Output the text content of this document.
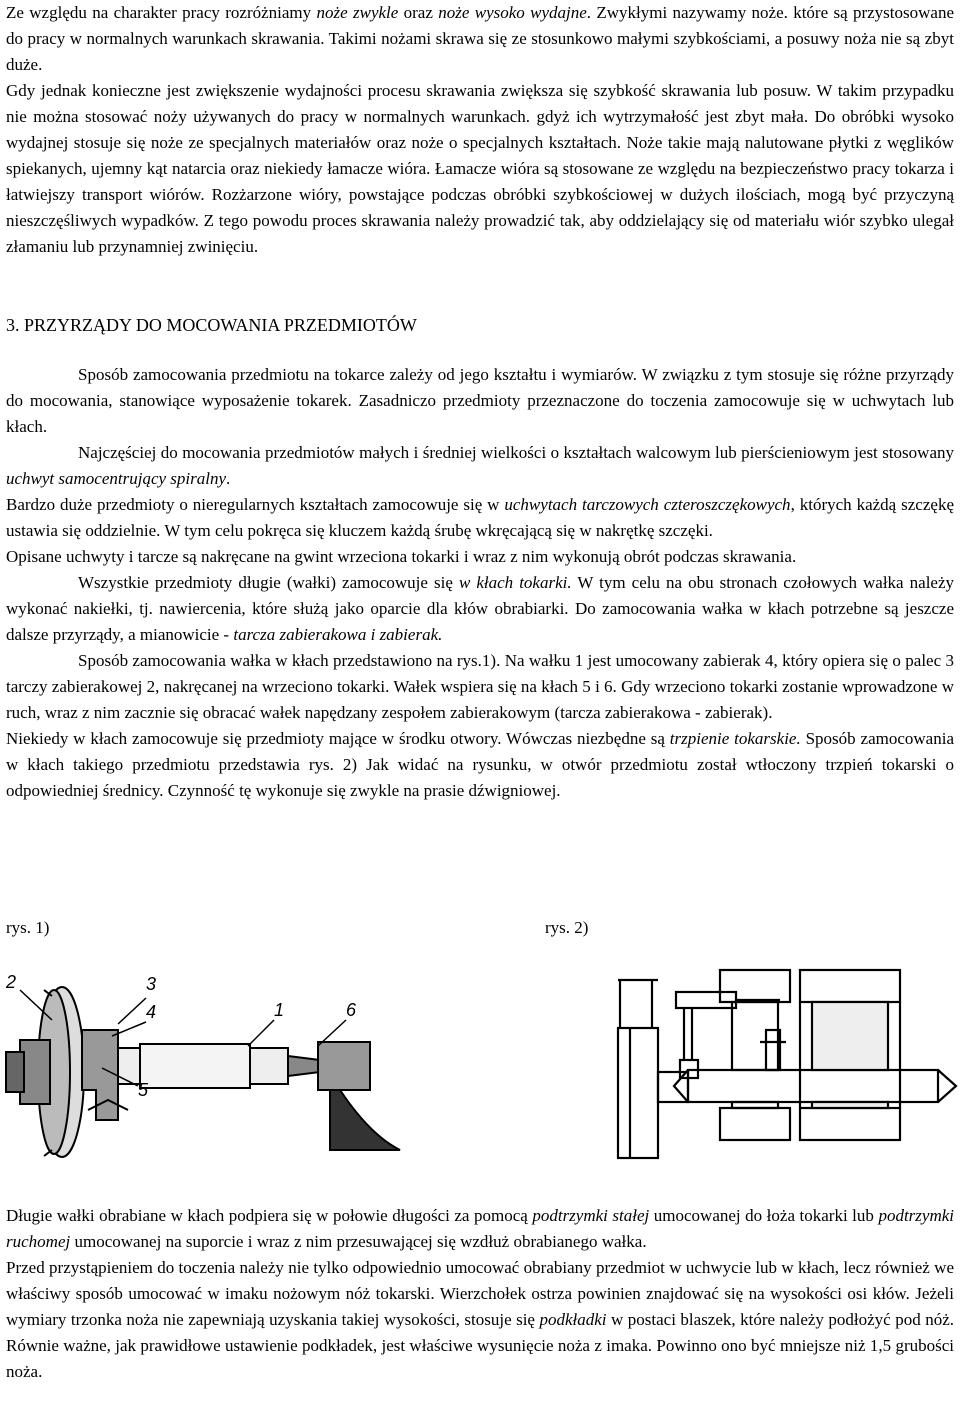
Ze względu na charakter pracy rozróżniamy noże zwykle oraz noże wysoko wydajne. Zwykłymi nazywamy noże. które są przystosowane do pracy w normalnych warunkach skrawania. Takimi nożami skrawa się ze stosunkowo małymi szybkościami, a posuwy noża nie są zbyt duże.

Gdy jednak konieczne jest zwiększenie wydajności procesu skrawania zwiększa się szybkość skrawania lub posuw. W takim przypadku nie można stosować noży używanych do pracy w normalnych warunkach. gdyż ich wytrzymałość jest zbyt mała. Do obróbki wysoko wydajnej stosuje się noże ze specjalnych materiałów oraz noże o specjalnych kształtach. Noże takie mają nalutowane płytki z węglików spiekanych, ujemny kąt natarcia oraz niekiedy łamacze wióra. Łamacze wióra są stosowane ze względu na bezpieczeństwo pracy tokarza i łatwiejszy transport wiórów. Rozżarzone wióry, powstające podczas obróbki szybkościowej w dużych ilościach, mogą być przyczyną nieszczęśliwych wypadków. Z tego powodu proces skrawania należy prowadzić tak, aby oddzielający się od materiału wiór szybko ulegał złamaniu lub przynamniej zwinięciu.

3. PRZYRZĄDY DO MOCOWANIA PRZEDMIOTÓW

Sposób zamocowania przedmiotu na tokarce zależy od jego kształtu i wymiarów. W związku z tym stosuje się różne przyrządy do mocowania, stanowiące wyposażenie tokarek. Zasadniczo przedmioty przeznaczone do toczenia zamocowuje się w uchwytach lub kłach.

Najczęściej do mocowania przedmiotów małych i średniej wielkości o kształtach walcowym lub pierścieniowym jest stosowany uchwyt samocentrujący spiralny.

Bardzo duże przedmioty o nieregularnych kształtach zamocowuje się w uchwytach tarczowych czteroszczękowych, których każdą szczękę ustawia się oddzielnie. W tym celu pokręca się kluczem każdą śrubę wkręcającą się w nakrętkę szczęki.

Opisane uchwyty i tarcze są nakręcane na gwint wrzeciona tokarki i wraz z nim wykonują obrót podczas skrawania.

Wszystkie przedmioty długie (wałki) zamocowuje się w kłach tokarki. W tym celu na obu stronach czołowych wałka należy wykonać nakiełki, tj. nawiercenia, które służą jako oparcie dla kłów obrabiarki. Do zamocowania wałka w kłach potrzebne są jeszcze dalsze przyrządy, a mianowicie - tarcza zabierakowa i zabierak.

Sposób zamocowania wałka w kłach przedstawiono na rys.1). Na wałku 1 jest umocowany zabierak 4, który opiera się o palec 3 tarczy zabierakowej 2, nakręcanej na wrzeciono tokarki. Wałek wspiera się na kłach 5 i 6. Gdy wrzeciono tokarki zostanie wprowadzone w ruch, wraz z nim zacznie się obracać wałek napędzany zespołem zabierakowym (tarcza zabierakowa - zabierak).

Niekiedy w kłach zamocowuje się przedmioty mające w środku otwory. Wówczas niezbędne są trzpienie tokarskie. Sposób zamocowania w kłach takiego przedmiotu przedstawia rys. 2) Jak widać na rysunku, w otwór przedmiotu został wtłoczony trzpień tokarski o odpowiedniej średnicy. Czynność tę wykonuje się zwykle na prasie dźwigniowej.

rys. 1)	rys. 2)
2	3
4	1	6
5

Długie wałki obrabiane w kłach podpiera się w połowie długości za pomocą podtrzymki stałej umocowanej do łoża tokarki lub podtrzymki ruchomej umocowanej na suporcie i wraz z nim przesuwającej się wzdłuż obrabianego wałka.

Przed przystąpieniem do toczenia należy nie tylko odpowiednio umocować obrabiany przedmiot w uchwycie lub w kłach, lecz również we właściwy sposób umocować w imaku nożowym nóż tokarski. Wierzchołek ostrza powinien znajdować się na wysokości osi kłów. Jeżeli wymiary trzonka noża nie zapewniają uzyskania takiej wysokości, stosuje się podkładki w postaci blaszek, które należy podłożyć pod nóż. Równie ważne, jak prawidłowe ustawienie podkładek, jest właściwe wysunięcie noża z imaka. Powinno ono być mniejsze niż 1,5 grubości noża.
